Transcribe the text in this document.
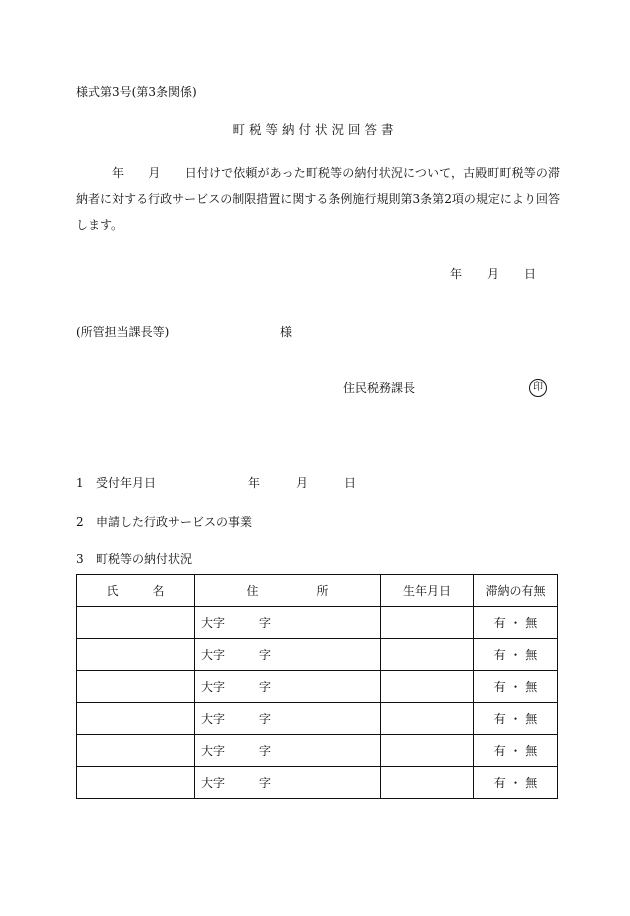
様式第3号(第3条関係)
町税等納付状況回答書
年　　月　　日付けで依頼があった町税等の納付状況について，古殿町町税等の滞納者に対する行政サービスの制限措置に関する条例施行規則第3条第2項の規定により回答します。
年 月 日
(所管担当課長等)	様
住民税務課長	印
1 受付年月日	年	月	日
2 申請した行政サービスの事業
3 町税等の納付状況
氏 名	住 所	生年月日	滞納の有無
	大字 字		有 ・ 無
	大字 字		有 ・ 無
	大字 字		有 ・ 無
	大字 字		有 ・ 無
	大字 字		有 ・ 無
	大字 字		有 ・ 無
